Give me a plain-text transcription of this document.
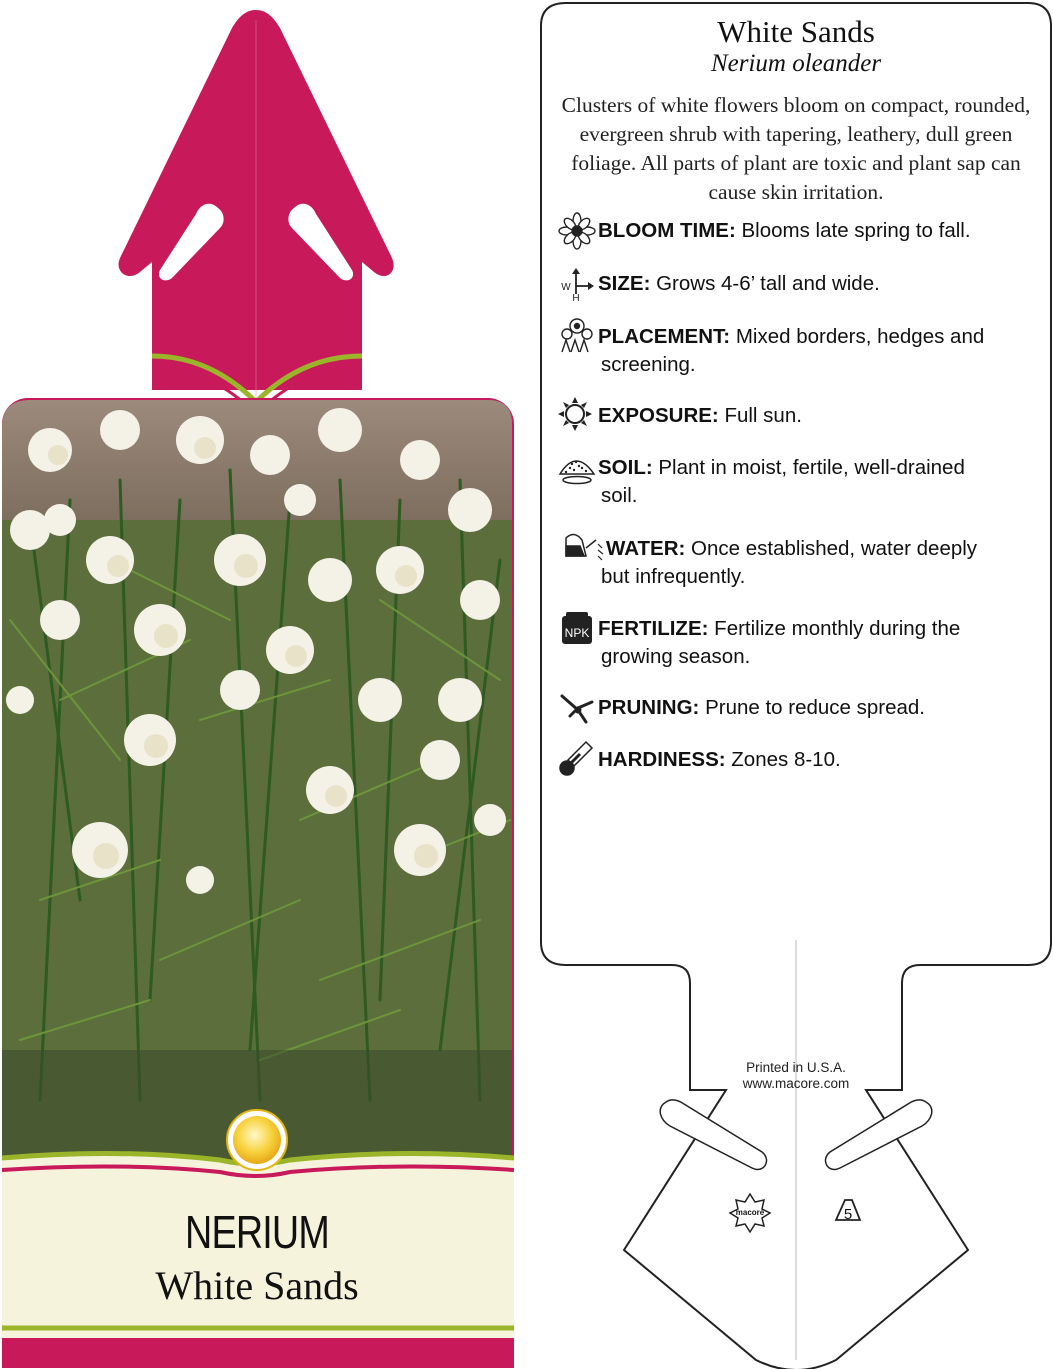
NERIUM
White Sands
macore	5
W
H
NPK
White Sands
Nerium oleander
Clusters of white flowers bloom on compact, rounded, evergreen shrub with tapering, leathery, dull green foliage. All parts of plant are toxic and plant sap can cause skin irritation.
BLOOM TIME: Blooms late spring to fall.
SIZE: Grows 4-6’ tall and wide.
PLACEMENT: Mixed borders, hedges and
screening.
EXPOSURE: Full sun.
SOIL: Plant in moist, fertile, well-drained
soil.
WATER: Once established, water deeply
but infrequently.
FERTILIZE: Fertilize monthly during the
growing season.
PRUNING: Prune to reduce spread.
HARDINESS: Zones 8-10.
Printed in U.S.A.
www.macore.com
